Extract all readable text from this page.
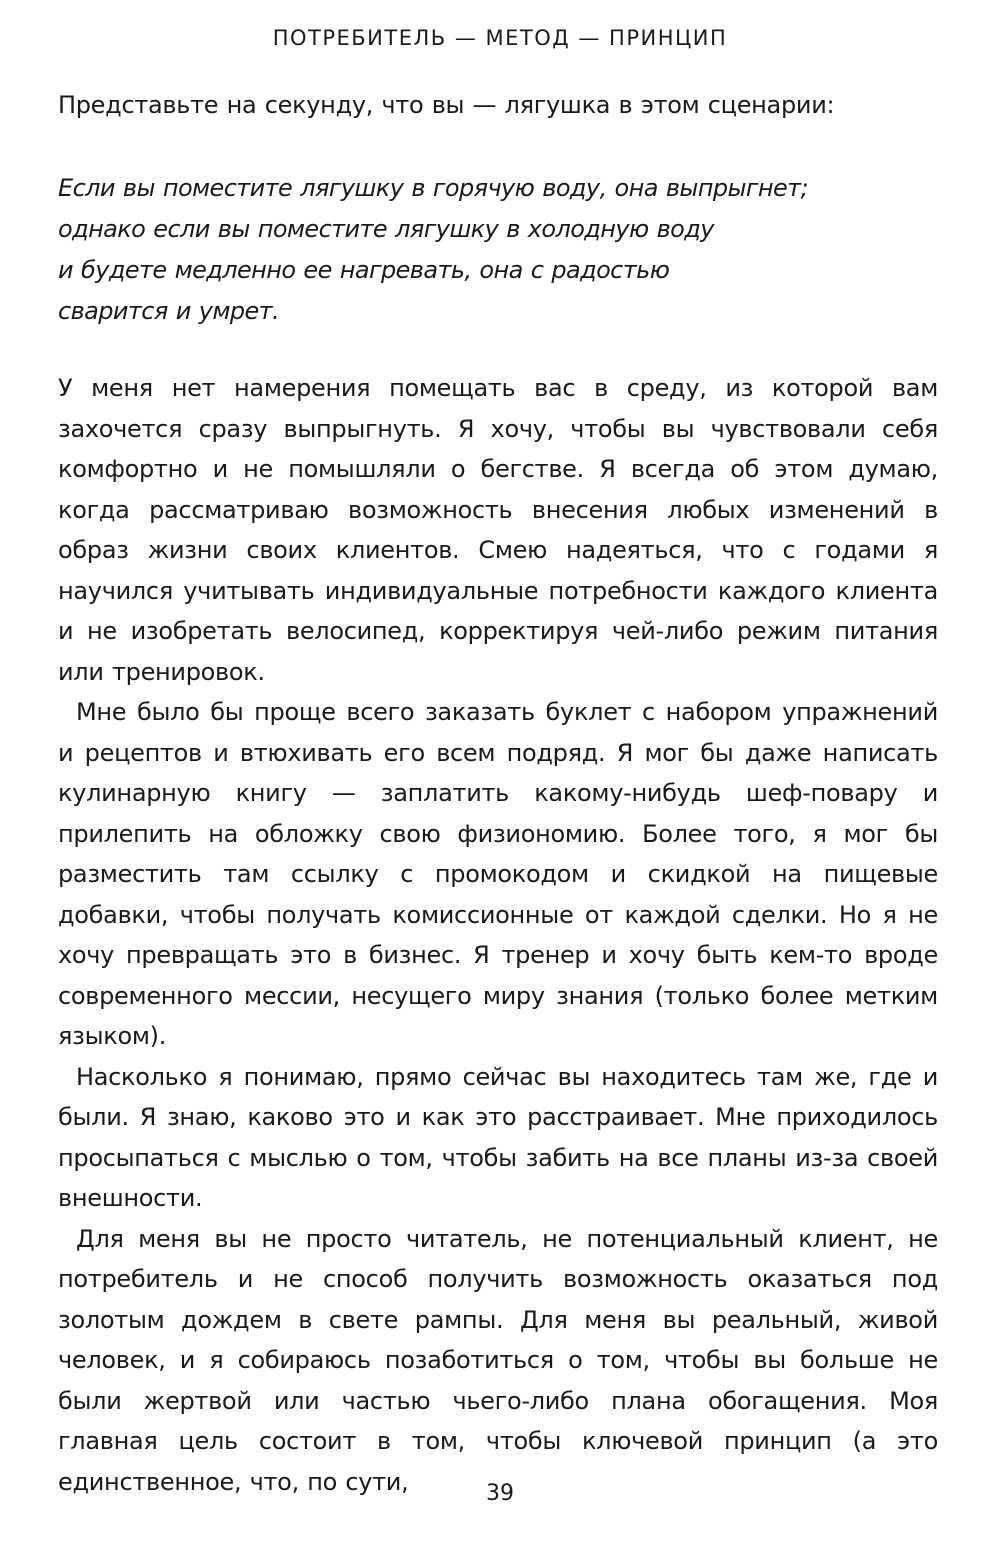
ПОТРЕБИТЕЛЬ — МЕТОД — ПРИНЦИП
Представьте на секунду, что вы — лягушка в этом сценарии:
Если вы поместите лягушку в горячую воду, она выпрыгнет;
однако если вы поместите лягушку в холодную воду
и будете медленно ее нагревать, она с радостью
сварится и умрет.

У меня нет намерения помещать вас в среду, из которой вам захочется сразу выпрыгнуть. Я хочу, чтобы вы чувствовали себя комфортно и не помышляли о бегстве. Я всегда об этом думаю, когда рассматриваю возможность внесения любых изменений в образ жизни своих клиентов. Смею надеяться, что с годами я научился учитывать индивидуальные потребности каждого клиента и не изобретать велосипед, корректируя чей-либо режим питания или тренировок.

Мне было бы проще всего заказать буклет с набором упражнений и рецептов и втюхивать его всем подряд. Я мог бы даже написать кулинарную книгу — заплатить какому-нибудь шеф-повару и прилепить на обложку свою физиономию. Более того, я мог бы разместить там ссылку с промокодом и скидкой на пищевые добавки, чтобы получать комиссионные от каждой сделки. Но я не хочу превращать это в бизнес. Я тренер и хочу быть кем-то вроде современного мессии, несущего миру знания (только более метким языком).

Насколько я понимаю, прямо сейчас вы находитесь там же, где и были. Я знаю, каково это и как это расстраивает. Мне приходилось просыпаться с мыслью о том, чтобы забить на все планы из-за своей внешности.

Для меня вы не просто читатель, не потенциальный клиент, не потребитель и не способ получить возможность оказаться под золотым дождем в свете рампы. Для меня вы реальный, живой человек, и я собираюсь позаботиться о том, чтобы вы больше не были жертвой или частью чьего-либо плана обогащения. Моя главная цель состоит в том, чтобы ключевой принцип (а это единственное, что, по сути,	39
